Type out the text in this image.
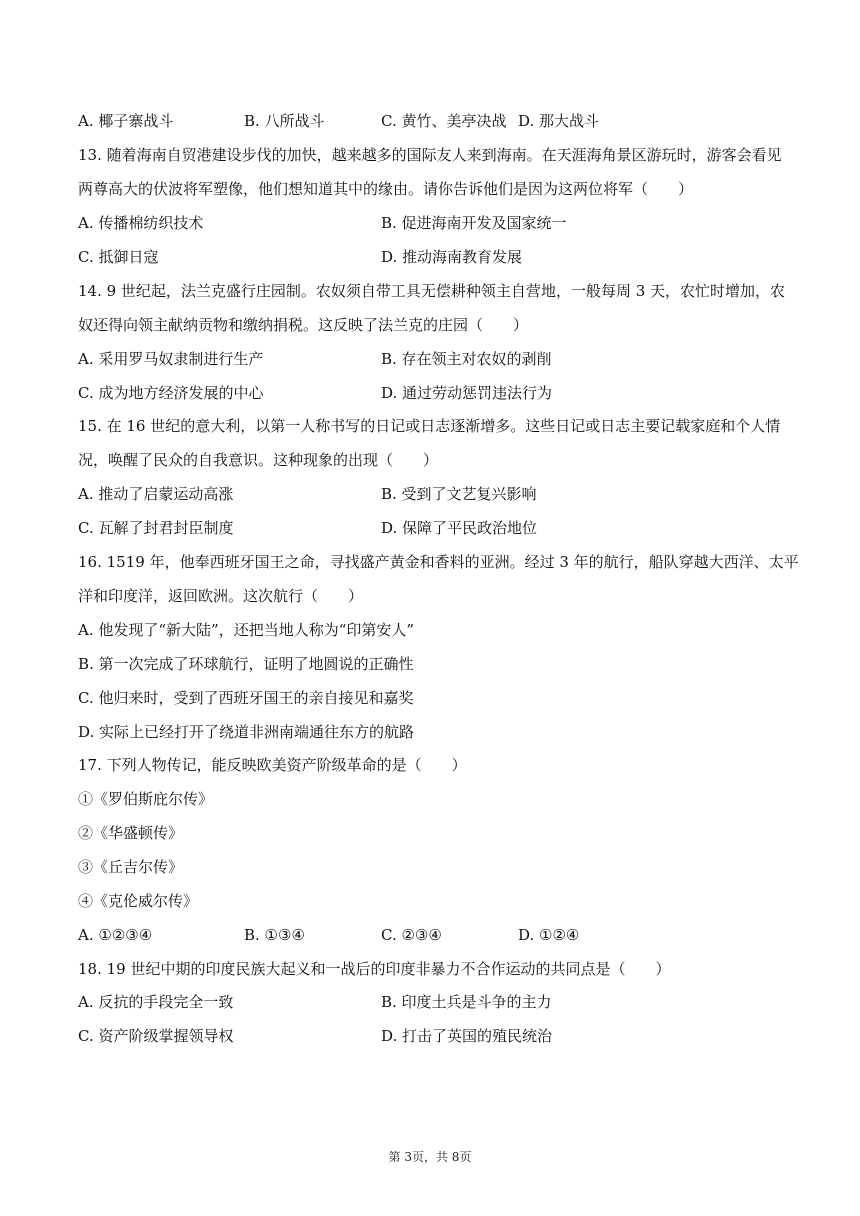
A. 椰子寨战斗	B. 八所战斗	C. 黄竹、美亭决战 D. 那大战斗
13. 随着海南自贸港建设步伐的加快，越来越多的国际友人来到海南。在天涯海角景区游玩时，游客会看见
两尊高大的伏波将军塑像，他们想知道其中的缘由。请你告诉他们是因为这两位将军（　　）
A. 传播棉纺织技术	B. 促进海南开发及国家统一
C. 抵御日寇	D. 推动海南教育发展
14. 9 世纪起，法兰克盛行庄园制。农奴须自带工具无偿耕种领主自营地，一般每周 3 天，农忙时增加，农
奴还得向领主献纳贡物和缴纳捐税。这反映了法兰克的庄园（　　）
A. 采用罗马奴隶制进行生产	B. 存在领主对农奴的剥削
C. 成为地方经济发展的中心	D. 通过劳动惩罚违法行为
15. 在 16 世纪的意大利，以第一人称书写的日记或日志逐渐增多。这些日记或日志主要记载家庭和个人情
况，唤醒了民众的自我意识。这种现象的出现（　　）
A. 推动了启蒙运动高涨	B. 受到了文艺复兴影响
C. 瓦解了封君封臣制度	D. 保障了平民政治地位
16. 1519 年，他奉西班牙国王之命，寻找盛产黄金和香料的亚洲。经过 3 年的航行，船队穿越大西洋、太平
洋和印度洋，返回欧洲。这次航行（　　）
A. 他发现了“新大陆”，还把当地人称为“印第安人”
B. 第一次完成了环球航行，证明了地圆说的正确性
C. 他归来时，受到了西班牙国王的亲自接见和嘉奖
D. 实际上已经打开了绕道非洲南端通往东方的航路
17. 下列人物传记，能反映欧美资产阶级革命的是（　　）
①《罗伯斯庇尔传》
②《华盛顿传》
③《丘吉尔传》
④《克伦威尔传》
A. ①②③④	B. ①③④	C. ②③④	D. ①②④
18. 19 世纪中期的印度民族大起义和一战后的印度非暴力不合作运动的共同点是（　　）
A. 反抗的手段完全一致	B. 印度土兵是斗争的主力
C. 资产阶级掌握领导权	D. 打击了英国的殖民统治
第 3页，共 8页
